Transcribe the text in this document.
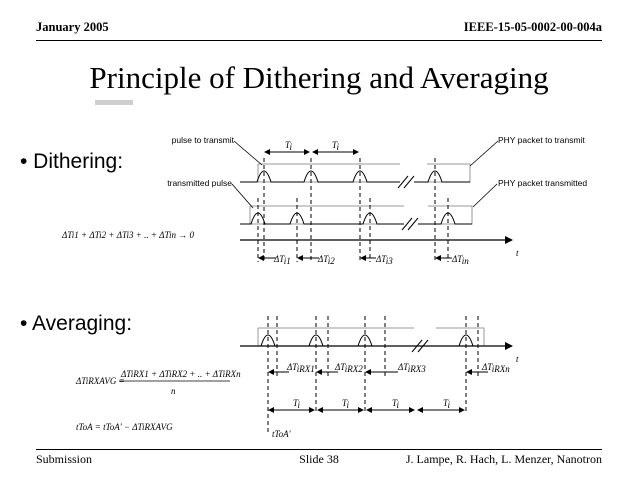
January 2005	IEEE-15-05-0002-00-004a
Principle of Dithering and Averaging
• Dithering:
• Averaging:
Ti	Ti
pulse to transmit
transmitted pulse
PHY packet to transmit
PHY packet transmitted
t
ΔTi1	ΔTi2	ΔTi3	ΔTin
ΔTi1 + ΔTi2 + ΔTi3 + .. + ΔTin → 0
t
ΔTiRX1 ΔTiRX2	ΔTiRX3	ΔTiRXn
Ti	Ti	Ti	Ti
tToA'
ΔTiRXAVG =
ΔTiRX1 + ΔTiRX2 + .. + ΔTiRXn
n
tToA = tToA' − ΔTiRXAVG
Submission	Slide 38	J. Lampe, R. Hach, L. Menzer, Nanotron
